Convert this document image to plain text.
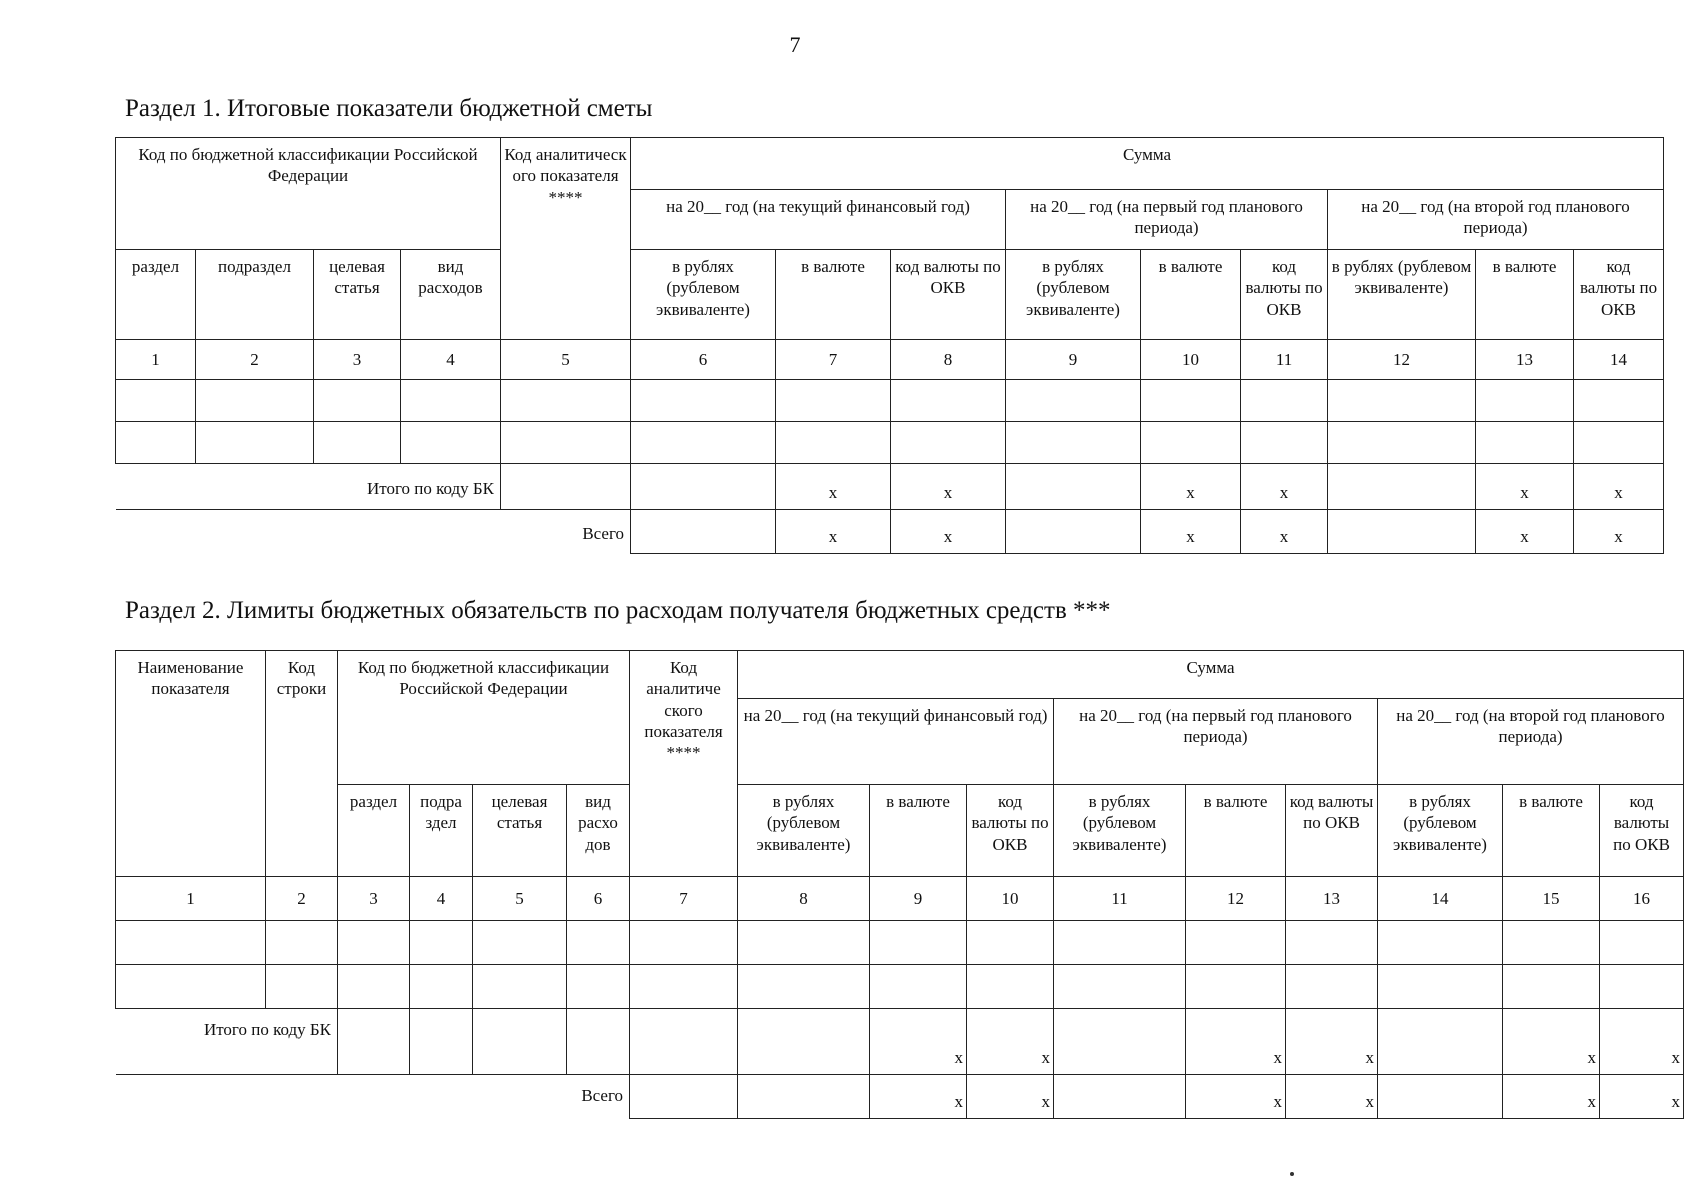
7
Раздел 1. Итоговые показатели бюджетной сметы
Код по бюджетной классификации Российской Федерации				Код аналитическ ого показателя ****	Сумма								
					на 20__ год (на текущий финансовый год)			на 20__ год (на первый год планового периода)			на 20__ год (на второй год планового периода)		
раздел	подраздел	целевая статья	вид расходов		в рублях (рублевом эквиваленте)	в валюте	код валюты по ОКВ	в рублях (рублевом эквиваленте)	в валюте	код валюты по ОКВ	в рублях (рублевом эквиваленте)	в валюте	код валюты по ОКВ
1	2	3	4	5	6	7	8	9	10	11	12	13	14

Итого по коду БК						х	х		х	х		х	х
Всего						х	х		х	х		х	х
Раздел 2. Лимиты бюджетных обязательств по расходам получателя бюджетных средств ***
Наименование показателя	Код строки	Код по бюджетной классификации Российской Федерации				Код аналитиче ского показателя ****	Сумма								
							на 20__ год (на текущий финансовый год)			на 20__ год (на первый год планового периода)			на 20__ год (на второй год планового периода)		
		раздел	подра здел	целевая статья	вид расхо дов		в рублях (рублевом эквиваленте)	в валюте	код валюты по ОКВ	в рублях (рублевом эквиваленте)	в валюте	код валюты по ОКВ	в рублях (рублевом эквиваленте)	в валюте	код валюты по ОКВ
1	2	3	4	5	6	7	8	9	10	11	12	13	14	15	16

Итого по коду БК								х	х		х	х		х	х
Всего								х	х		х	х		х	х
